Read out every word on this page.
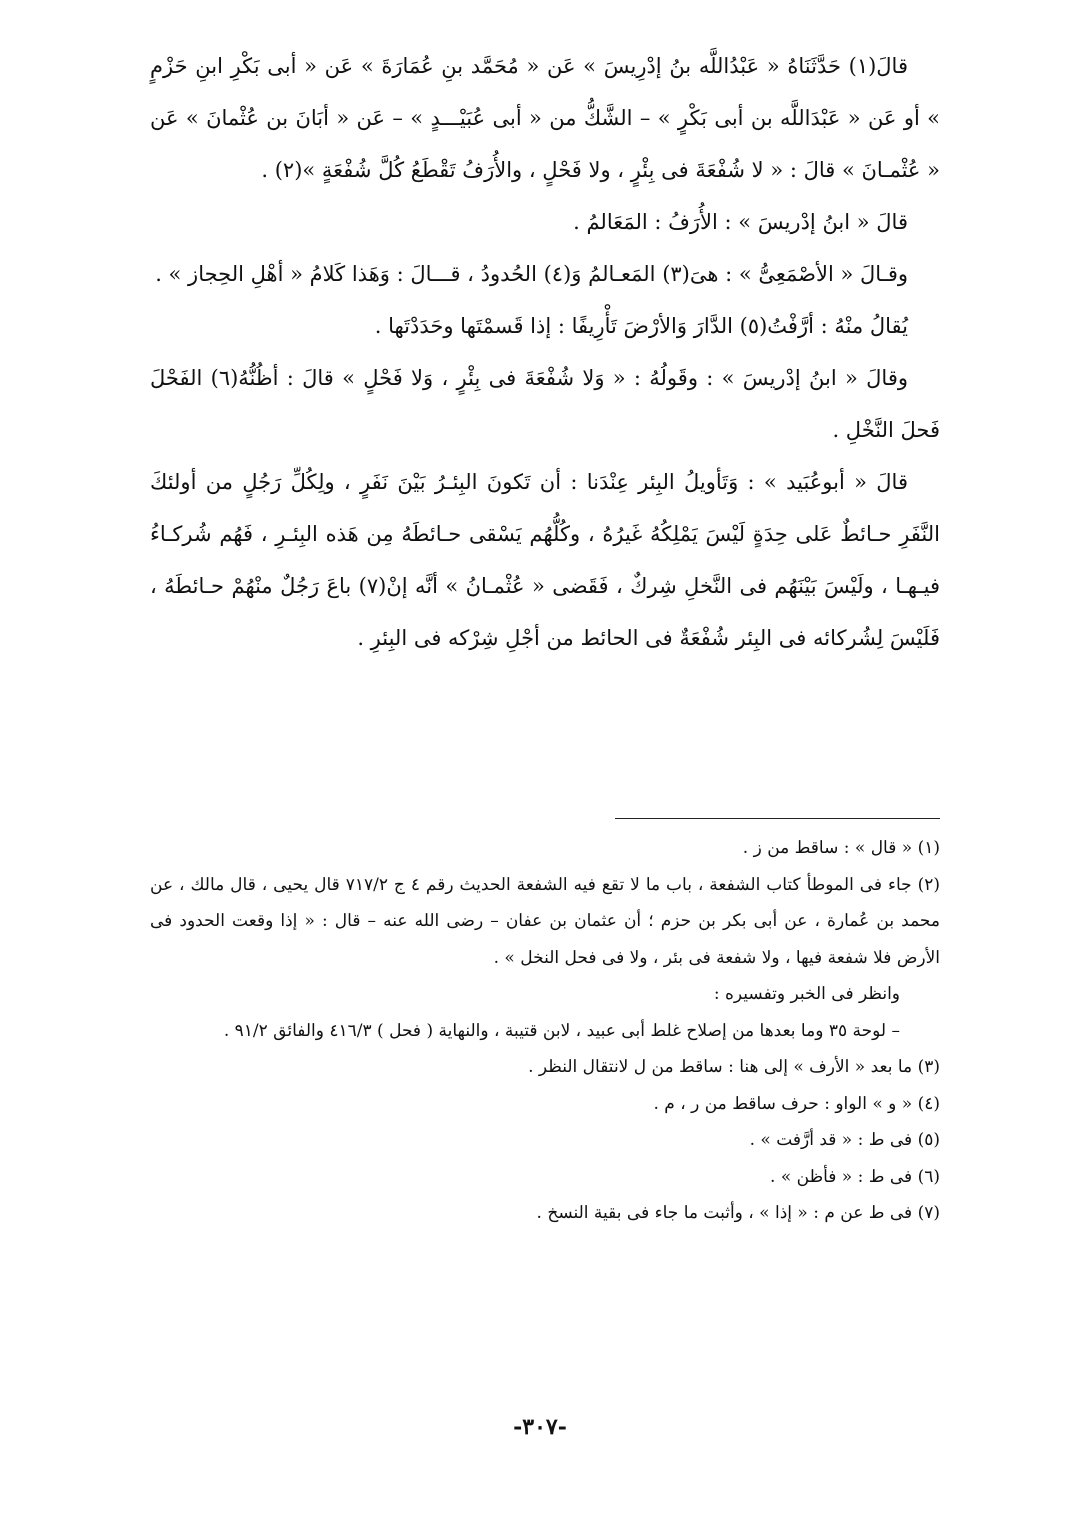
قالَ(١) حَدَّثَنَاهُ « عَبْدُاللَّه بنُ إدْرِيسَ » عَن « مُحَمَّد بنِ عُمَارَةَ » عَن « أبى بَكْرِ ابنِ حَزْمٍ » أو عَن « عَبْدَاللَّه بن أبى بَكْرٍ » – الشَّكُّ من « أبى عُبَيْـــدٍ » – عَن « أبَانَ بن عُثْمانَ » عَن « عُثْمـانَ » قالَ : « لا شُفْعَةَ فى بِئْرٍ ، ولا فَحْلٍ ، والأُرَفُ تَقْطَعُ كُلَّ شُفْعَةٍ »(٢) .

قالَ « ابنُ إدْريسَ » : الأُرَفُ : المَعَالمُ .

وقـالَ « الأصْمَعِىُّ » : هىَ(٣) المَعـالمُ وَ(٤) الحُدودُ ، قـــالَ : وَهَذا كَلامُ « أهْلِ الحِجاز » .

يُقالُ منْهُ : أرَّفْتُ(٥) الدَّارَ وَالأرْضَ تَأْرِيفًا : إذا قَسمْتَها وحَدَدْتَها .

وقالَ « ابنُ إدْريسَ » : وقَولُهُ : « وَلا شُفْعَةَ فى بِئْرٍ ، وَلا فَحْلٍ » قالَ : أظُنُّهُ(٦) الفَحْلَ فَحلَ النَّخْلِ .

قالَ « أبوعُبَيد » : وَتَأويلُ البِئر عِنْدَنا : أن تَكونَ البِئـرُ بَيْنَ نَفَرٍ ، ولِكُلِّ رَجُلٍ من أولئكَ النَّفَرِ حـائطٌ عَلى حِدَةٍ لَيْسَ يَمْلِكُهُ غَيرُهُ ، وكُلُّهُم يَسْقى حـائطَهُ مِن هَذه البِئـرِ ، فَهُم شُركـاءُ فيـهـا ، ولَيْسَ بَيْنَهُم فى النَّخلِ شِركٌ ، فَقَضى « عُثْمـانُ » أنَّه إنْ(٧) باعَ رَجُلٌ منْهُمْ حـائطَهُ ، فَلَيْسَ لِشُركائه فى البِئر شُفْعَةٌ فى الحائط من أجْلِ شِرْكه فى البِئرِ .

(١) « قال » : ساقط من ز .

(٢) جاء فى الموطأ كتاب الشفعة ، باب ما لا تقع فيه الشفعة الحديث رقم ٤ ج ٧١٧/٢ قال يحيى ، قال مالك ، عن محمد بن عُمارة ، عن أبى بكر بن حزم ؛ أن عثمان بن عفان – رضى الله عنه – قال : « إذا وقعت الحدود فى الأرض فلا شفعة فيها ، ولا شفعة فى بئر ، ولا فى فحل النخل » .

وانظر فى الخبر وتفسيره :

– لوحة ٣٥ وما بعدها من إصلاح غلط أبى عبيد ، لابن قتيبة ، والنهاية ( فحل ) ٤١٦/٣ والفائق ٩١/٢ .

(٣) ما بعد « الأرف » إلى هنا : ساقط من ل لانتقال النظر .

(٤) « و » الواو : حرف ساقط من ر ، م .

(٥) فى ط : « قد أرَّفت » .

(٦) فى ط : « فأظن » .

(٧) فى ط عن م : « إذا » ، وأثبت ما جاء فى بقية النسخ .

-٣٠٧-
